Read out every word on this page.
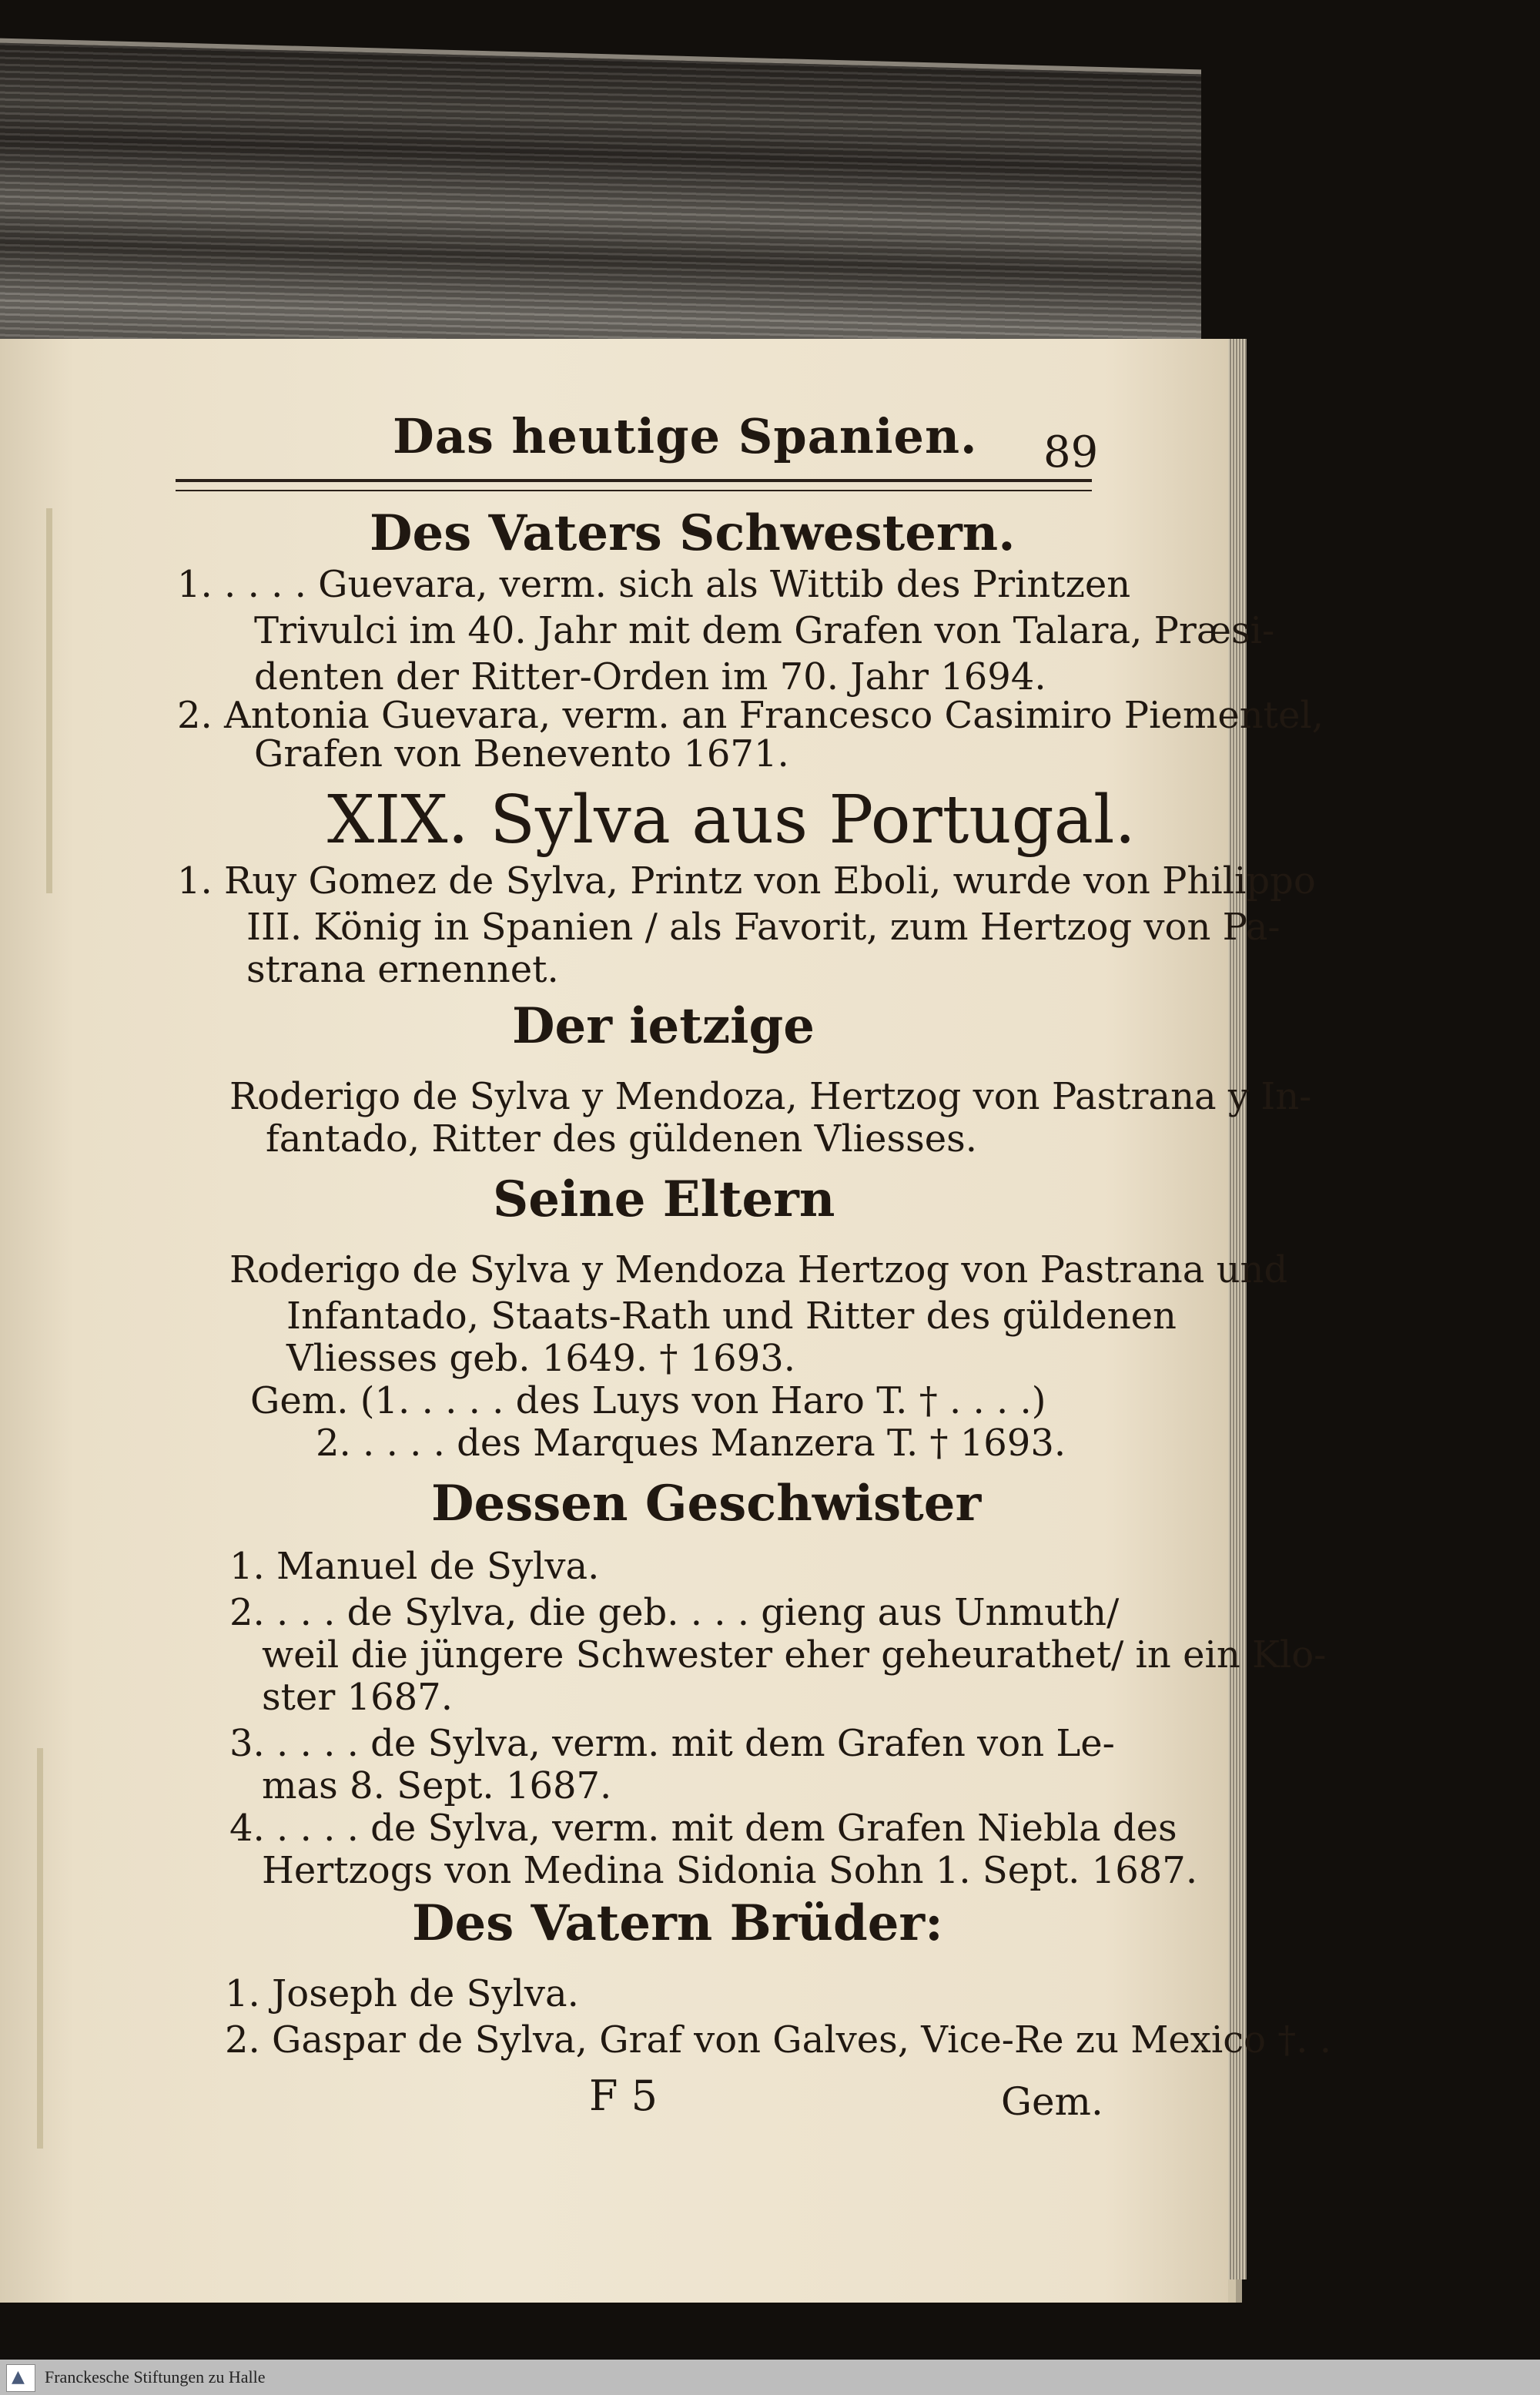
Das heutige Spanien. 89
Des Vaters Schwestern.
1. . . . . Guevara, verm. sich als Wittib des Printzen
Trivulci im 40. Jahr mit dem Grafen von Talara, Præsi-
denten der Ritter-Orden im 70. Jahr 1694.
2. Antonia Guevara, verm. an Francesco Casimiro Piementel,
Grafen von Benevento 1671.
XIX. Sylva aus Portugal.
1. Ruy Gomez de Sylva, Printz von Eboli, wurde von Philippo
III. König in Spanien / als Favorit, zum Hertzog von Pa-
strana ernennet.
Der ietzige
Roderigo de Sylva y Mendoza, Hertzog von Pastrana y In-
fantado, Ritter des güldenen Vliesses.
Seine Eltern
Roderigo de Sylva y Mendoza Hertzog von Pastrana und
Infantado, Staats-Rath und Ritter des güldenen
Vliesses geb. 1649. † 1693.
Gem. (1. . . . . des Luys von Haro T. † . . . .)
2. . . . . des Marques Manzera T. † 1693.
Dessen Geschwister
1. Manuel de Sylva.
2. . . . de Sylva, die geb. . . . gieng aus Unmuth/
weil die jüngere Schwester eher geheurathet/ in ein Klo-
ster 1687.
3. . . . . de Sylva, verm. mit dem Grafen von Le-
mas 8. Sept. 1687.
4. . . . . de Sylva, verm. mit dem Grafen Niebla des
Hertzogs von Medina Sidonia Sohn 1. Sept. 1687.
Des Vatern Brüder:
1. Joseph de Sylva.
2. Gaspar de Sylva, Graf von Galves, Vice-Re zu Mexico †. .
F 5	Gem.
▲
Franckesche Stiftungen zu Halle
